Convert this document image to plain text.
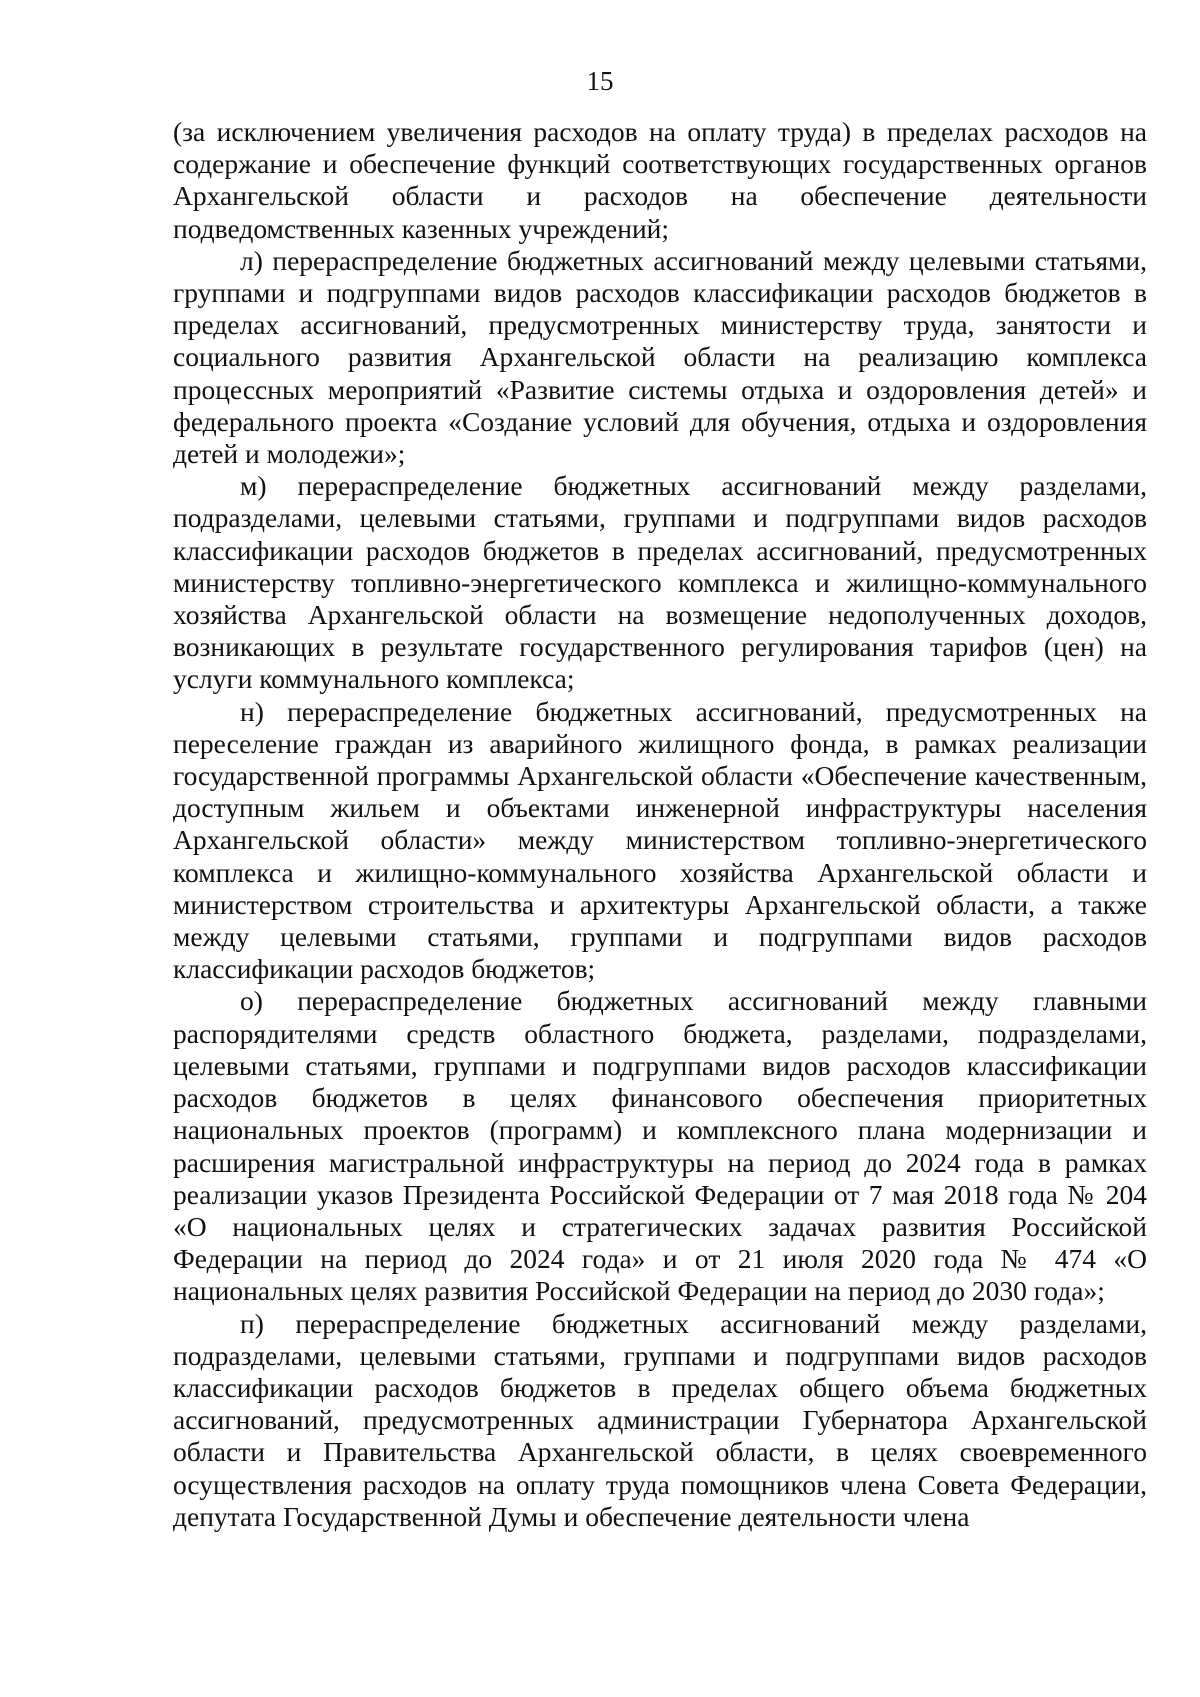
15

(за исключением увеличения расходов на оплату труда) в пределах расходов на содержание и обеспечение функций соответствующих государственных органов Архангельской области и расходов на обеспечение деятельности подведомственных казенных учреждений;

л) перераспределение бюджетных ассигнований между целевыми статьями, группами и подгруппами видов расходов классификации расходов бюджетов в пределах ассигнований, предусмотренных министерству труда, занятости и социального развития Архангельской области на реализацию комплекса процессных мероприятий «Развитие системы отдыха и оздоровления детей» и федерального проекта «Создание условий для обучения, отдыха и оздоровления детей и молодежи»;

м) перераспределение бюджетных ассигнований между разделами, подразделами, целевыми статьями, группами и подгруппами видов расходов классификации расходов бюджетов в пределах ассигнований, предусмотренных министерству топливно-энергетического комплекса и жилищно-коммунального хозяйства Архангельской области на возмещение недополученных доходов, возникающих в результате государственного регулирования тарифов (цен) на услуги коммунального комплекса;

н) перераспределение бюджетных ассигнований, предусмотренных на переселение граждан из аварийного жилищного фонда, в рамках реализации государственной программы Архангельской области «Обеспечение качественным, доступным жильем и объектами инженерной инфраструктуры населения Архангельской области» между министерством топливно-энергетического комплекса и жилищно-коммунального хозяйства Архангельской области и министерством строительства и архитектуры Архангельской области, а также между целевыми статьями, группами и подгруппами видов расходов классификации расходов бюджетов;

о) перераспределение бюджетных ассигнований между главными распорядителями средств областного бюджета, разделами, подразделами, целевыми статьями, группами и подгруппами видов расходов классификации расходов бюджетов в целях финансового обеспечения приоритетных национальных проектов (программ) и комплексного плана модернизации и расширения магистральной инфраструктуры на период до 2024 года в рамках реализации указов Президента Российской Федерации от 7 мая 2018 года № 204 «О национальных целях и стратегических задачах развития Российской Федерации на период до 2024 года» и от 21 июля 2020 года № 474 «О национальных целях развития Российской Федерации на период до 2030 года»;

п) перераспределение бюджетных ассигнований между разделами, подразделами, целевыми статьями, группами и подгруппами видов расходов классификации расходов бюджетов в пределах общего объема бюджетных ассигнований, предусмотренных администрации Губернатора Архангельской области и Правительства Архангельской области, в целях своевременного осуществления расходов на оплату труда помощников члена Совета Федерации, депутата Государственной Думы и обеспечение деятельности члена
